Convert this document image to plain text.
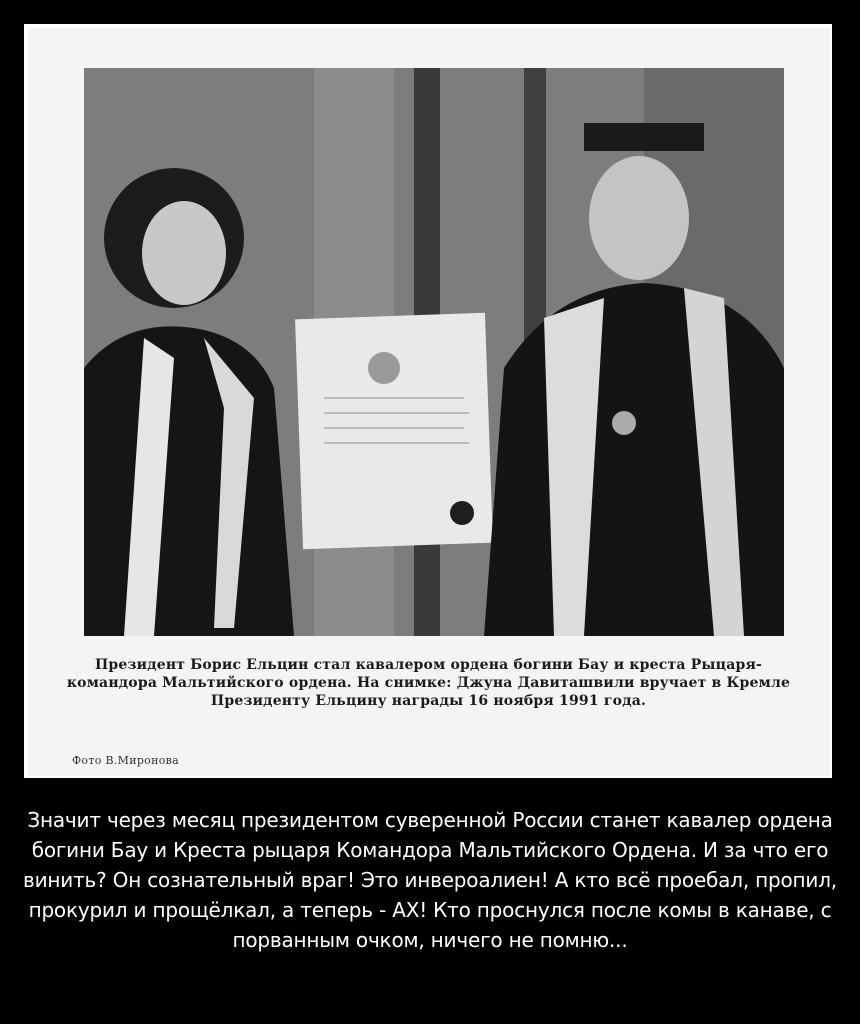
Президент Борис Ельцин стал кавалером ордена богини Бау и креста Рыцаря-командора Мальтийского ордена. На снимке: Джуна Давиташвили вручает в Кремле Президенту Ельцину награды 16 ноября 1991 года.
Фото В.Миронова
Значит через месяц президентом суверенной России станет кавалер ордена богини Бау и Креста рыцаря Командора Мальтийского Ордена. И за что его винить? Он сознательный враг! Это инвероалиен! А кто всё проебал, пропил, прокурил и прощёлкал, а теперь - АХ! Кто проснулся после комы в канаве, с порванным очком, ничего не помню...
